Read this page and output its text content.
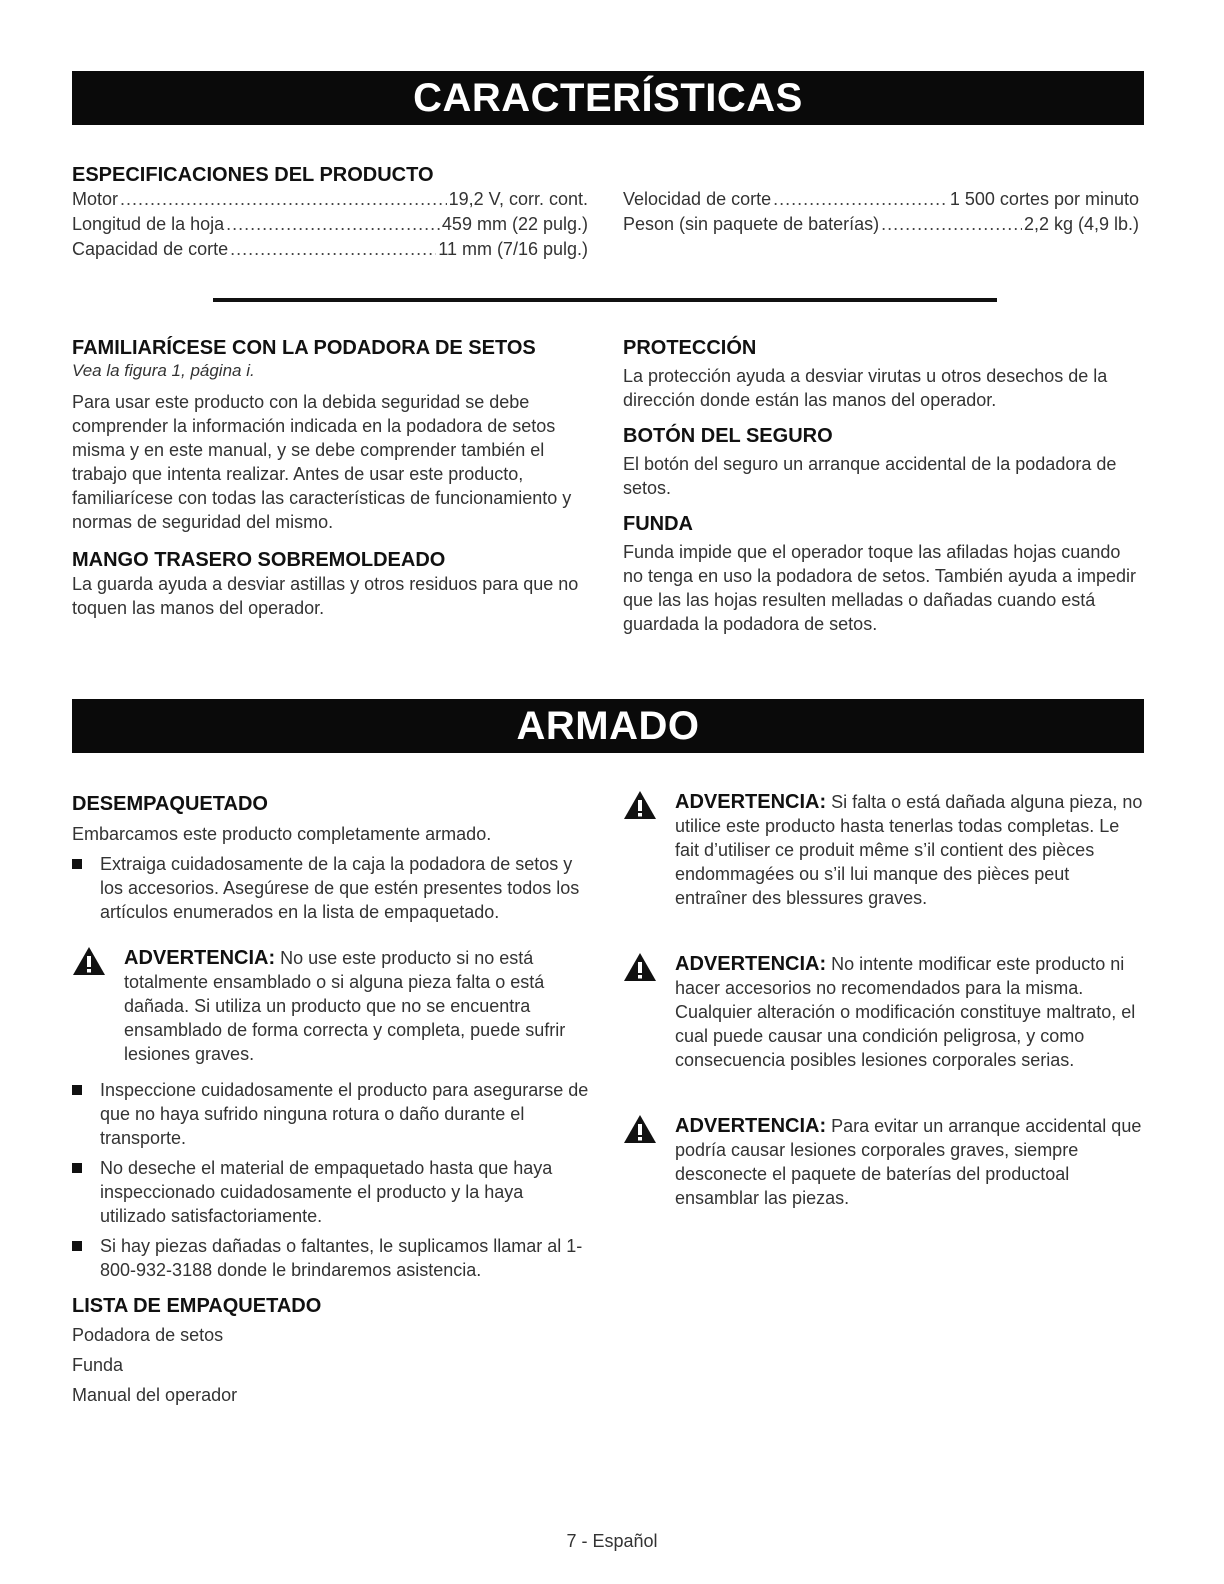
CARACTERÍSTICAS
ESPECIFICACIONES DEL PRODUCTO
Motor .....	19,2 V, corr. cont.
Longitud de la hoja .....	459 mm (22 pulg.)
Capacidad de corte .....	11 mm (7/16 pulg.)
Velocidad de corte .....	1 500 cortes por minuto
Peson (sin paquete de baterías) .....	2,2 kg (4,9 lb.)
FAMILIARÍCESE CON LA PODADORA DE SETOS

Vea la figura 1, página i.

Para usar este producto con la debida seguridad se debe comprender la información indicada en la podadora de setos misma y en este manual, y se debe comprender también el trabajo que intenta realizar. Antes de usar este producto, familiarícese con todas las características de funcionamiento y normas de seguridad del mismo.

MANGO TRASERO SOBREMOLDEADO

La guarda ayuda a desviar astillas y otros residuos para que no toquen las manos del operador.

PROTECCIÓN

La protección ayuda a desviar virutas u otros desechos de la dirección donde están las manos del operador.

BOTÓN DEL SEGURO

El botón del seguro un arranque accidental de la podadora de setos.

FUNDA

Funda impide que el operador toque las afiladas hojas cuando no tenga en uso la podadora de setos. También ayuda a impedir que las las hojas resulten melladas o dañadas cuando está guardada la podadora de setos.

ARMADO
DESEMPAQUETADO

Embarcamos este producto completamente armado.

Extraiga cuidadosamente de la caja la podadora de setos y los accesorios. Asegúrese de que estén presentes todos los artículos enumerados en la lista de empaquetado.

ADVERTENCIA: No use este producto si no está totalmente ensamblado o si alguna pieza falta o está dañada. Si utiliza un producto que no se encuentra ensamblado de forma correcta y completa, puede sufrir lesiones graves.

Inspeccione cuidadosamente el producto para asegurarse de que no haya sufrido ninguna rotura o daño durante el transporte.
No deseche el material de empaquetado hasta que haya inspeccionado cuidadosamente el producto y la haya utilizado satisfactoriamente.
Si hay piezas dañadas o faltantes, le suplicamos llamar al 1-800-932-3188 donde le brindaremos asistencia.
LISTA DE EMPAQUETADO

Podadora de setos

Funda

Manual del operador

ADVERTENCIA: Si falta o está dañada alguna pieza, no utilice este producto hasta tenerlas todas completas. Le fait d’utiliser ce produit même s’il contient des pièces endommagées ou s’il lui manque des pièces peut entraîner des blessures graves.

ADVERTENCIA: No intente modificar este producto ni hacer accesorios no recomendados para la misma. Cualquier alteración o modificación constituye maltrato, el cual puede causar una condición peligrosa, y como consecuencia posibles lesiones corporales serias.

ADVERTENCIA: Para evitar un arranque accidental que podría causar lesiones corporales graves, siempre desconecte el paquete de baterías del productoal ensamblar las piezas.

7 - Español
